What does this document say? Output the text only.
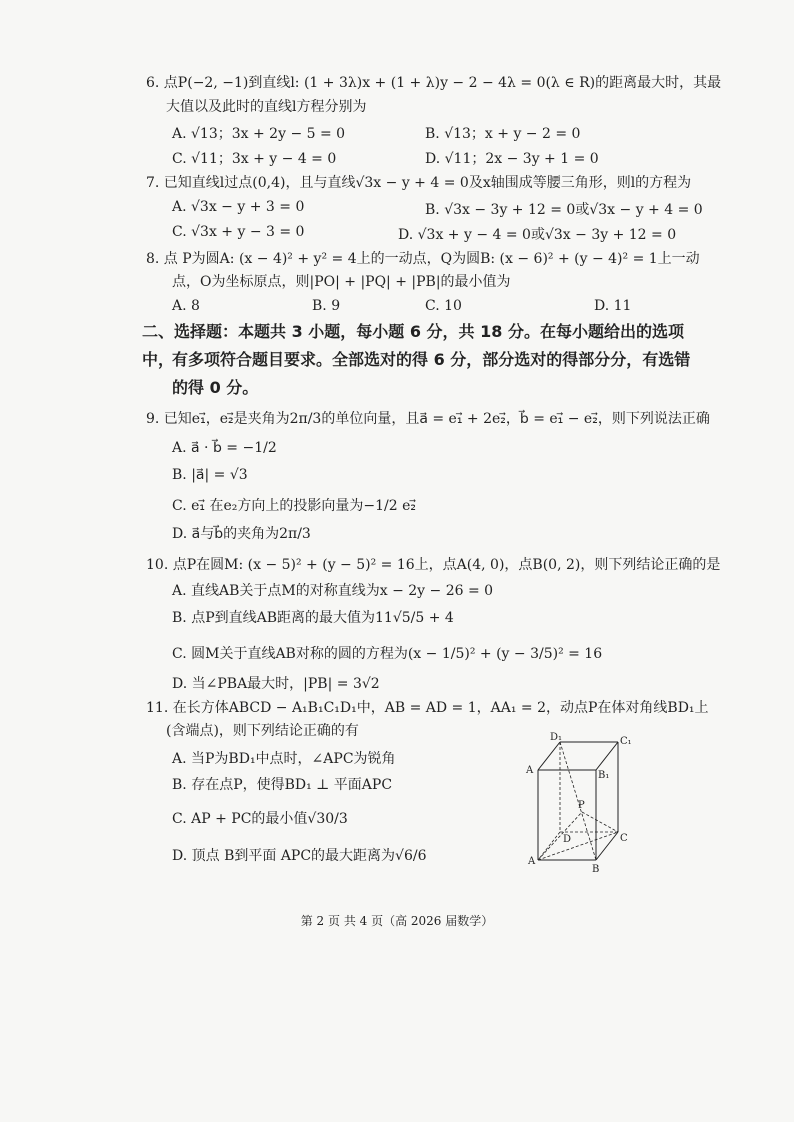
6. 点P(−2, −1)到直线l: (1 + 3λ)x + (1 + λ)y − 2 − 4λ = 0(λ ∈ R)的距离最大时，其最
大值以及此时的直线l方程分别为
A. √13；3x + 2y − 5 = 0	B. √13；x + y − 2 = 0
C. √11；3x + y − 4 = 0	D. √11；2x − 3y + 1 = 0
7. 已知直线l过点(0,4)，且与直线√3x − y + 4 = 0及x轴围成等腰三角形，则l的方程为
A. √3x − y + 3 = 0	B. √3x − 3y + 12 = 0或√3x − y + 4 = 0
C. √3x + y − 3 = 0	D. √3x + y − 4 = 0或√3x − 3y + 12 = 0
8. 点 P为圆A: (x − 4)² + y² = 4上的一动点，Q为圆B: (x − 6)² + (y − 4)² = 1上一动
点，O为坐标原点，则|PO| + |PQ| + |PB|的最小值为
A. 8	B. 9	C. 10	D. 11
二、选择题：本题共 3 小题，每小题 6 分，共 18 分。在每小题给出的选项中，
有多项符合题目要求。全部选对的得 6 分，部分选对的得部分分，有选错
的得 0 分。
9. 已知e₁⃗，e₂⃗是夹角为2π/3的单位向量，且a⃗ = e₁⃗ + 2e₂⃗，b⃗ = e₁⃗ − e₂⃗，则下列说法正确
A. a⃗ · b⃗ = −1/2
B. |a⃗| = √3
C. e₁⃗ 在e₂方向上的投影向量为−1/2 e₂⃗
D. a⃗与b⃗的夹角为2π/3
10. 点P在圆M: (x − 5)² + (y − 5)² = 16上，点A(4, 0)，点B(0, 2)，则下列结论正确的是
A. 直线AB关于点M的对称直线为x − 2y − 26 = 0
B. 点P到直线AB距离的最大值为11√5/5 + 4
C. 圆M关于直线AB对称的圆的方程为(x − 1/5)² + (y − 3/5)² = 16
D. 当∠PBA最大时，|PB| = 3√2
11. 在长方体ABCD − A₁B₁C₁D₁中，AB = AD = 1，AA₁ = 2，动点P在体对角线BD₁上
(含端点)，则下列结论正确的有
A. 当P为BD₁中点时，∠APC为锐角
B. 存在点P，使得BD₁ ⊥ 平面APC
C. AP + PC的最小值√30/3
D. 顶点 B到平面 APC的最大距离为√6/6
D₁	C₁
A	B₁
P
D	C
A
B
第 2 页 共 4 页（高 2026 届数学）
